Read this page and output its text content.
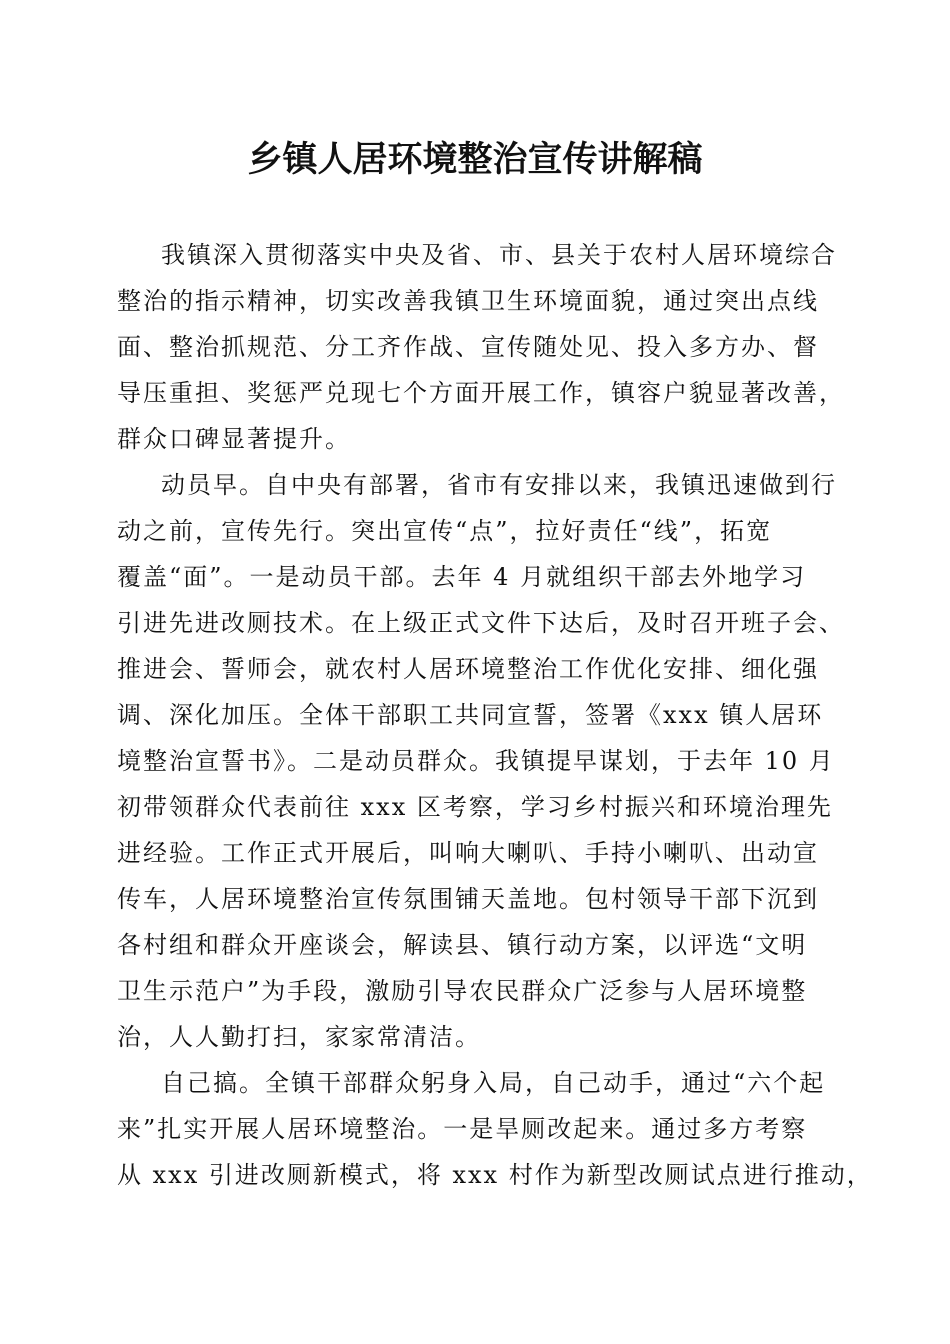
乡镇人居环境整治宣传讲解稿

我镇深入贯彻落实中央及省、市、县关于农村人居环境综合
整治的指示精神，切实改善我镇卫生环境面貌，通过突出点线
面、整治抓规范、分工齐作战、宣传随处见、投入多方办、督
导压重担、奖惩严兑现七个方面开展工作，镇容户貌显著改善，
群众口碑显著提升。

动员早。自中央有部署，省市有安排以来，我镇迅速做到行
动之前，宣传先行。突出宣传“点”，拉好责任“线”，拓宽
覆盖“面”。一是动员干部。去年 4 月就组织干部去外地学习
引进先进改厕技术。在上级正式文件下达后，及时召开班子会、
推进会、誓师会，就农村人居环境整治工作优化安排、细化强
调、深化加压。全体干部职工共同宣誓，签署《xxx 镇人居环
境整治宣誓书》。二是动员群众。我镇提早谋划，于去年 10 月
初带领群众代表前往 xxx 区考察，学习乡村振兴和环境治理先
进经验。工作正式开展后，叫响大喇叭、手持小喇叭、出动宣
传车，人居环境整治宣传氛围铺天盖地。包村领导干部下沉到
各村组和群众开座谈会，解读县、镇行动方案，以评选“文明
卫生示范户”为手段，激励引导农民群众广泛参与人居环境整
治，人人勤打扫，家家常清洁。

自己搞。全镇干部群众躬身入局，自己动手，通过“六个起
来”扎实开展人居环境整治。一是旱厕改起来。通过多方考察
从 xxx 引进改厕新模式，将 xxx 村作为新型改厕试点进行推动，
